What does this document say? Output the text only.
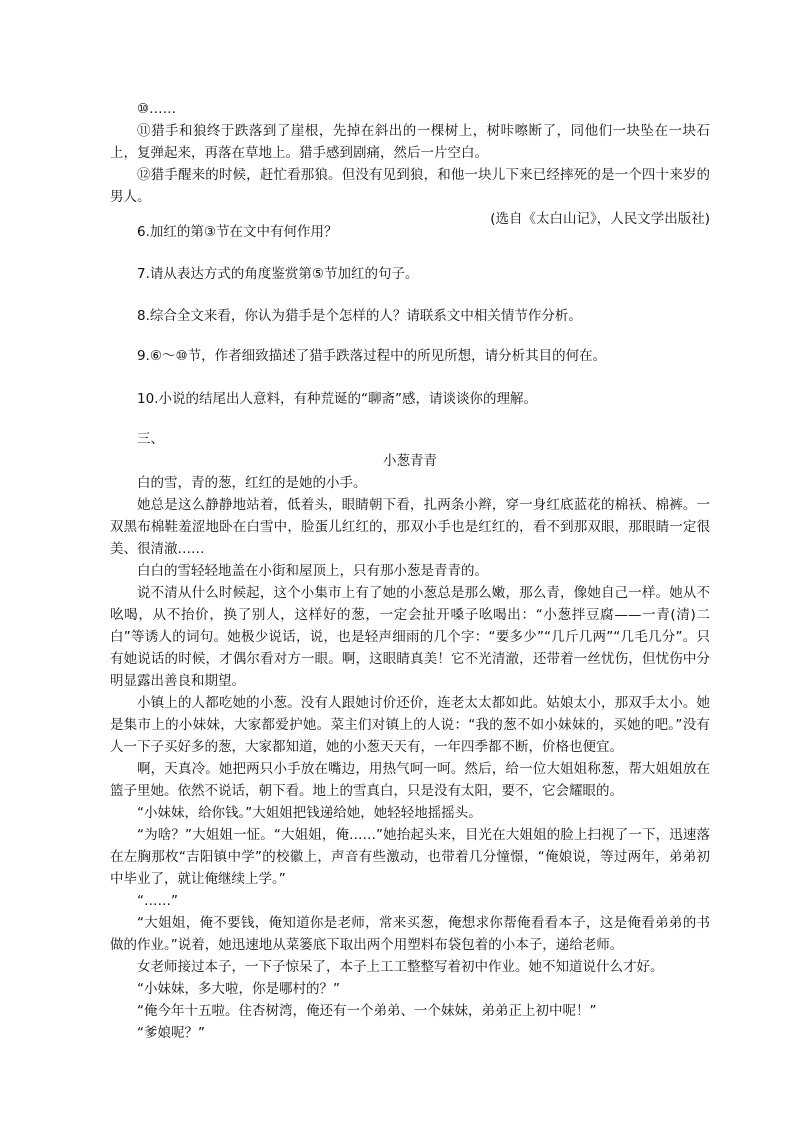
⑩……

⑪猎手和狼终于跌落到了崖根，先掉在斜出的一棵树上，树咔嚓断了，同他们一块坠在一块石上，复弹起来，再落在草地上。猎手感到剧痛，然后一片空白。

⑫猎手醒来的时候，赶忙看那狼。但没有见到狼，和他一块儿下来已经摔死的是一个四十来岁的男人。

(选自《太白山记》，人民文学出版社)

6.加红的第③节在文中有何作用？

7.请从表达方式的角度鉴赏第⑤节加红的句子。

8.综合全文来看，你认为猎手是个怎样的人？请联系文中相关情节作分析。

9.⑥～⑩节，作者细致描述了猎手跌落过程中的所见所想，请分析其目的何在。

10.小说的结尾出人意料，有种荒诞的“聊斋”感，请谈谈你的理解。

三、

小葱青青

白的雪，青的葱，红红的是她的小手。

她总是这么静静地站着，低着头，眼睛朝下看，扎两条小辫，穿一身红底蓝花的棉袄、棉裤。一双黑布棉鞋羞涩地卧在白雪中，脸蛋儿红红的，那双小手也是红红的，看不到那双眼，那眼睛一定很美、很清澈……

白白的雪轻轻地盖在小街和屋顶上，只有那小葱是青青的。

说不清从什么时候起，这个小集市上有了她的小葱总是那么嫩，那么青，像她自己一样。她从不吆喝，从不抬价，换了别人，这样好的葱，一定会扯开嗓子吆喝出：“小葱拌豆腐——一青(清)二白”等诱人的词句。她极少说话，说，也是轻声细雨的几个字：“要多少”“几斤几两”“几毛几分”。只有她说话的时候，才偶尔看对方一眼。啊，这眼睛真美！它不光清澈，还带着一丝忧伤，但忧伤中分明显露出善良和期望。

小镇上的人都吃她的小葱。没有人跟她讨价还价，连老太太都如此。姑娘太小，那双手太小。她是集市上的小妹妹，大家都爱护她。菜主们对镇上的人说：“我的葱不如小妹妹的，买她的吧。”没有人一下子买好多的葱，大家都知道，她的小葱天天有，一年四季都不断，价格也便宜。

啊，天真冷。她把两只小手放在嘴边，用热气呵一呵。然后，给一位大姐姐称葱，帮大姐姐放在篮子里她。依然不说话，朝下看。地上的雪真白，只是没有太阳，要不，它会耀眼的。

“小妹妹，给你钱。”大姐姐把钱递给她，她轻轻地摇摇头。

“为啥？”大姐姐一怔。“大姐姐，俺……”她抬起头来，目光在大姐姐的脸上扫视了一下，迅速落在左胸那枚“吉阳镇中学”的校徽上，声音有些激动，也带着几分憧憬，“俺娘说，等过两年，弟弟初中毕业了，就让俺继续上学。”

“……”

“大姐姐，俺不要钱，俺知道你是老师，常来买葱，俺想求你帮俺看看本子，这是俺看弟弟的书做的作业。”说着，她迅速地从菜篓底下取出两个用塑料布袋包着的小本子，递给老师。

女老师接过本子，一下子惊呆了，本子上工工整整写着初中作业。她不知道说什么才好。

“小妹妹，多大啦，你是哪村的？”

“俺今年十五啦。住杏树湾，俺还有一个弟弟、一个妹妹，弟弟正上初中呢！”

“爹娘呢？”
